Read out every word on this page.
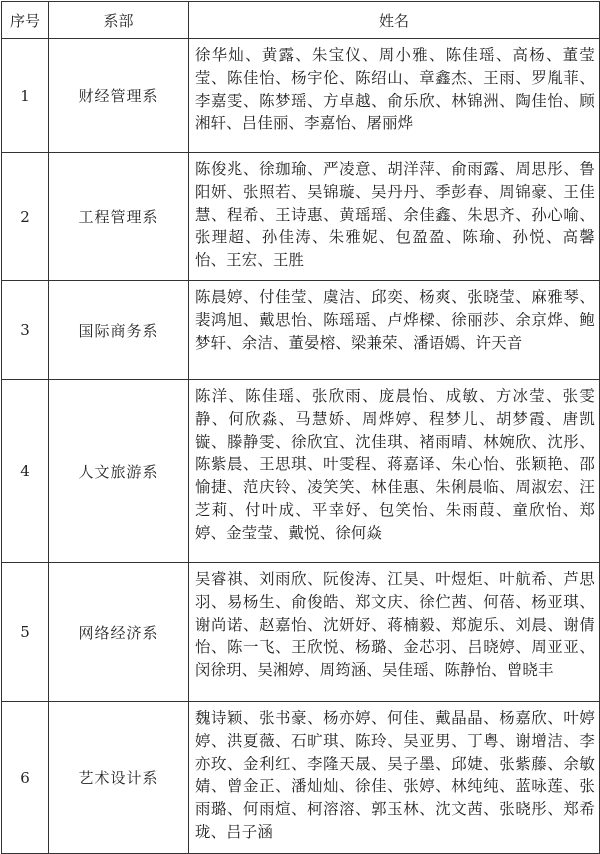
序号	系部	姓名
1	财经管理系	徐华灿、黄露、朱宝仪、周小雅、陈佳瑶、高杨、董莹莹、陈佳怡、杨宇伦、陈绍山、章鑫杰、王雨、罗胤菲、李嘉雯、陈梦瑶、方卓越、俞乐欣、林锦洲、陶佳怡、顾湘轩、吕佳丽、李嘉怡、屠丽烨
2	工程管理系	陈俊兆、徐珈瑜、严凌意、胡洋萍、俞雨露、周思彤、鲁阳妍、张照若、吴锦璇、吴丹丹、季彭春、周锦豪、王佳慧、程希、王诗惠、黄瑶瑶、余佳鑫、朱思齐、孙心喻、张理超、孙佳涛、朱雅妮、包盈盈、陈瑜、孙悦、高馨怡、王宏、王胜
3	国际商务系	陈晨婷、付佳莹、虞洁、邱奕、杨爽、张晓莹、麻雅琴、裴鸿旭、戴思怡、陈瑶瑶、卢烨樑、徐丽莎、余京烨、鲍梦轩、余洁、董晏榕、梁兼荣、潘语嫣、许天音
4	人文旅游系	陈洋、陈佳瑶、张欣雨、庞晨怡、成敏、方冰莹、张雯静、何欣淼、马慧娇、周烨婷、程梦儿、胡梦霞、唐凯镟、滕静雯、徐欣宜、沈佳琪、褚雨晴、林婉欣、沈彤、陈紫晨、王思琪、叶雯程、蒋嘉译、朱心怡、张颖艳、邵愉捷、范庆铃、凌笑笑、林佳惠、朱俐晨临、周淑宏、汪芝莉、付叶成、平幸妤、包笑怡、朱雨葭、童欣怡、郑婷、金莹莹、戴悦、徐何焱
5	网络经济系	吴睿祺、刘雨欣、阮俊涛、江昊、叶煜炬、叶航希、芦思羽、易杨生、俞俊皓、郑文庆、徐伫茜、何蓓、杨亚琪、谢尚诺、赵嘉怡、沈妍妤、蒋楠毅、郑旎乐、刘晨、谢倩怡、陈一飞、王欣悦、杨璐、金芯羽、吕晓婷、周亚亚、闵徐玥、吴湘婷、周筠涵、吴佳瑶、陈静怡、曾晓丰
6	艺术设计系	魏诗颖、张书豪、杨亦婷、何佳、戴晶晶、杨嘉欣、叶婷婷、洪夏薇、石旷琪、陈玲、吴亚男、丁粤、谢增洁、李亦玫、金利红、李隆天晟、吴子墨、邱婕、张紫藤、余敏婧、曾金正、潘灿灿、徐佳、张婷、林纯纯、蓝咏莲、张雨璐、何雨煊、柯溶溶、郭玉林、沈文茜、张晓彤、郑希珑、吕子涵
